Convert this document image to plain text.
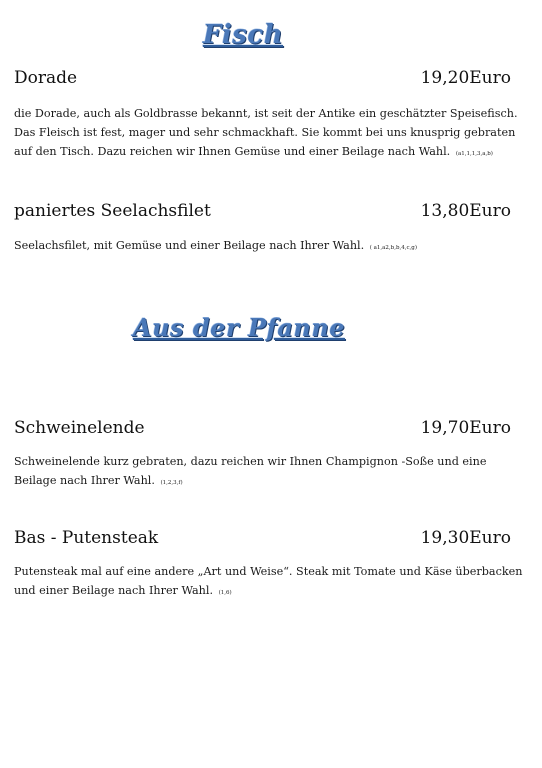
Fisch
Dorade	19,20Euro
die Dorade, auch als Goldbrasse bekannt, ist seit der Antike ein geschätzter Speisefisch. Das Fleisch ist fest, mager und sehr schmackhaft. Sie kommt bei uns knusprig gebraten auf den Tisch. Dazu reichen wir Ihnen Gemüse und einer Beilage nach Wahl. (a1,1,1,3,a,b)
paniertes Seelachsfilet	13,80Euro
Seelachsfilet, mit Gemüse und einer Beilage nach Ihrer Wahl. ( a1,a2,b,b,4,c,g)
Aus der Pfanne
Schweinelende	19,70Euro
Schweinelende kurz gebraten, dazu reichen wir Ihnen Champignon -Soße und eine Beilage nach Ihrer Wahl. (1,2,3,f)
Bas - Putensteak	19,30Euro
Putensteak mal auf eine andere „Art und Weise“. Steak mit Tomate und Käse überbacken und einer Beilage nach Ihrer Wahl. (1,6)
